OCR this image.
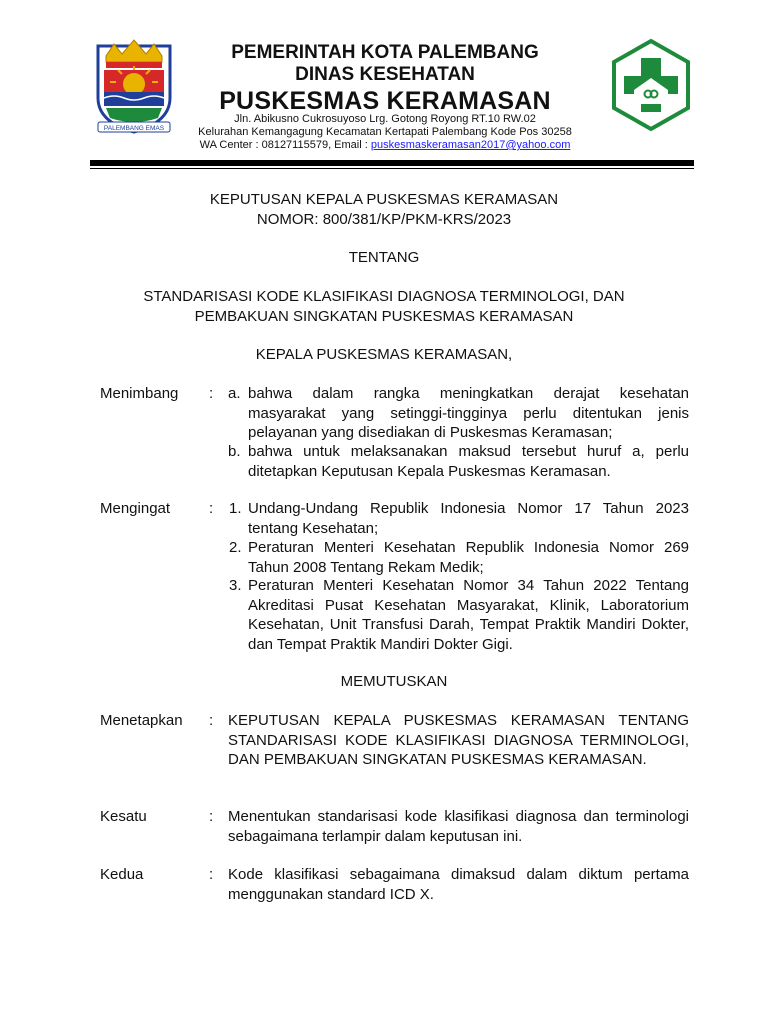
PALEMBANG EMAS
PEMERINTAH KOTA PALEMBANG
DINAS KESEHATAN
PUSKESMAS KERAMASAN
Jln. Abikusno Cukrosuyoso Lrg. Gotong Royong RT.10 RW.02
Kelurahan Kemangagung Kecamatan Kertapati Palembang Kode Pos 30258
WA Center : 08127115579, Email : puskesmaskeramasan2017@yahoo.com
KEPUTUSAN KEPALA PUSKESMAS KERAMASAN
NOMOR: 800/381/KP/PKM-KRS/2023
TENTANG
STANDARISASI KODE KLASIFIKASI DIAGNOSA TERMINOLOGI, DAN
PEMBAKUAN SINGKATAN PUSKESMAS KERAMASAN
KEPALA PUSKESMAS KERAMASAN,
Menimbang : a. bahwa dalam rangka meningkatkan derajat kesehatan masyarakat yang setinggi-tingginya perlu ditentukan jenis pelayanan yang disediakan di Puskesmas Keramasan;

b. bahwa untuk melaksanakan maksud tersebut huruf a, perlu ditetapkan Keputusan Kepala Puskesmas Keramasan.

Mengingat	: 1. Undang-Undang Republik Indonesia Nomor 17 Tahun 2023 tentang Kesehatan;

2. Peraturan Menteri Kesehatan Republik Indonesia Nomor 269 Tahun 2008 Tentang Rekam Medik;

3. Peraturan Menteri Kesehatan Nomor 34 Tahun 2022 Tentang Akreditasi Pusat Kesehatan Masyarakat, Klinik, Laboratorium Kesehatan, Unit Transfusi Darah, Tempat Praktik Mandiri Dokter, dan Tempat Praktik Mandiri Dokter Gigi.

MEMUTUSKAN
Menetapkan : KEPUTUSAN KEPALA PUSKESMAS KERAMASAN TENTANG STANDARISASI KODE KLASIFIKASI DIAGNOSA TERMINOLOGI, DAN PEMBAKUAN SINGKATAN PUSKESMAS KERAMASAN.

Kesatu	: Menentukan standarisasi kode klasifikasi diagnosa dan terminologi sebagaimana terlampir dalam keputusan ini.

Kedua	: Kode klasifikasi sebagaimana dimaksud dalam diktum pertama menggunakan standard ICD X.
